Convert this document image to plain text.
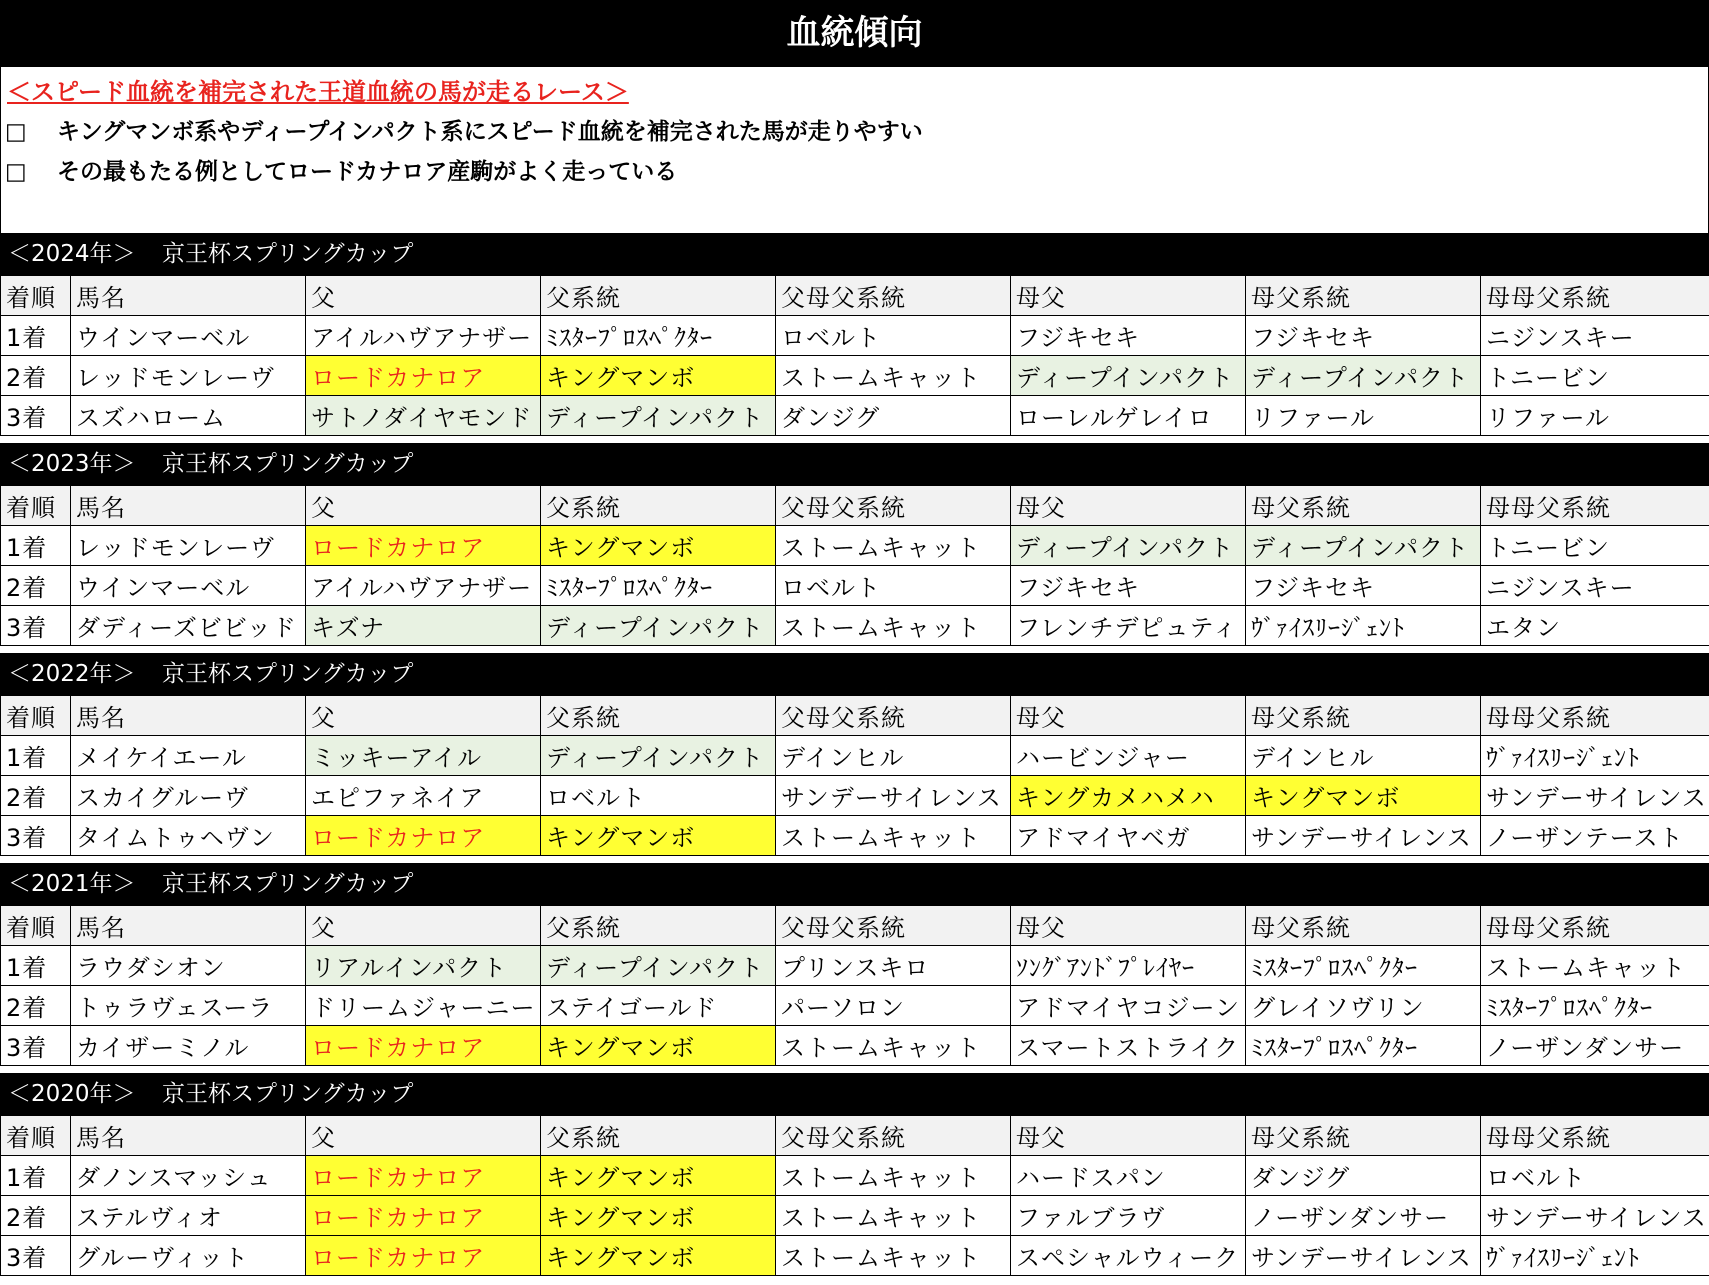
血統傾向
＜スピード血統を補完された王道血統の馬が走るレース＞
□ キングマンボ系やディープインパクト系にスピード血統を補完された馬が走りやすい
□ その最もたる例としてロードカナロア産駒がよく走っている
＜2024年＞ 京王杯スプリングカップ
着順	馬名	父	父系統	父母父系統	母父	母父系統	母母父系統
1着	ウインマーベル	アイルハヴアナザー	ﾐｽﾀｰﾌﾟﾛｽﾍﾟｸﾀｰ	ロベルト	フジキセキ	フジキセキ	ニジンスキー
2着	レッドモンレーヴ	ロードカナロア	キングマンボ	ストームキャット	ディープインパクト	ディープインパクト	トニービン
3着	スズハローム	サトノダイヤモンド	ディープインパクト	ダンジグ	ローレルゲレイロ	リファール	リファール
＜2023年＞ 京王杯スプリングカップ
着順	馬名	父	父系統	父母父系統	母父	母父系統	母母父系統
1着	レッドモンレーヴ	ロードカナロア	キングマンボ	ストームキャット	ディープインパクト	ディープインパクト	トニービン
2着	ウインマーベル	アイルハヴアナザー	ﾐｽﾀｰﾌﾟﾛｽﾍﾟｸﾀｰ	ロベルト	フジキセキ	フジキセキ	ニジンスキー
3着	ダディーズビビッド	キズナ	ディープインパクト	ストームキャット	フレンチデピュティ	ｳﾞｧｲｽﾘｰｼﾞｪﾝﾄ	エタン
＜2022年＞ 京王杯スプリングカップ
着順	馬名	父	父系統	父母父系統	母父	母父系統	母母父系統
1着	メイケイエール	ミッキーアイル	ディープインパクト	デインヒル	ハービンジャー	デインヒル	ｳﾞｧｲｽﾘｰｼﾞｪﾝﾄ
2着	スカイグルーヴ	エピファネイア	ロベルト	サンデーサイレンス	キングカメハメハ	キングマンボ	サンデーサイレンス
3着	タイムトゥヘヴン	ロードカナロア	キングマンボ	ストームキャット	アドマイヤベガ	サンデーサイレンス	ノーザンテースト
＜2021年＞ 京王杯スプリングカップ
着順	馬名	父	父系統	父母父系統	母父	母父系統	母母父系統
1着	ラウダシオン	リアルインパクト	ディープインパクト	プリンスキロ	ｿﾝｸﾞｱﾝﾄﾞﾌﾟﾚｲﾔｰ	ﾐｽﾀｰﾌﾟﾛｽﾍﾟｸﾀｰ	ストームキャット
2着	トゥラヴェスーラ	ドリームジャーニー	ステイゴールド	パーソロン	アドマイヤコジーン	グレイソヴリン	ﾐｽﾀｰﾌﾟﾛｽﾍﾟｸﾀｰ
3着	カイザーミノル	ロードカナロア	キングマンボ	ストームキャット	スマートストライク	ﾐｽﾀｰﾌﾟﾛｽﾍﾟｸﾀｰ	ノーザンダンサー
＜2020年＞ 京王杯スプリングカップ
着順	馬名	父	父系統	父母父系統	母父	母父系統	母母父系統
1着	ダノンスマッシュ	ロードカナロア	キングマンボ	ストームキャット	ハードスパン	ダンジグ	ロベルト
2着	ステルヴィオ	ロードカナロア	キングマンボ	ストームキャット	ファルブラヴ	ノーザンダンサー	サンデーサイレンス
3着	グルーヴィット	ロードカナロア	キングマンボ	ストームキャット	スペシャルウィーク	サンデーサイレンス	ｳﾞｧｲｽﾘｰｼﾞｪﾝﾄ
